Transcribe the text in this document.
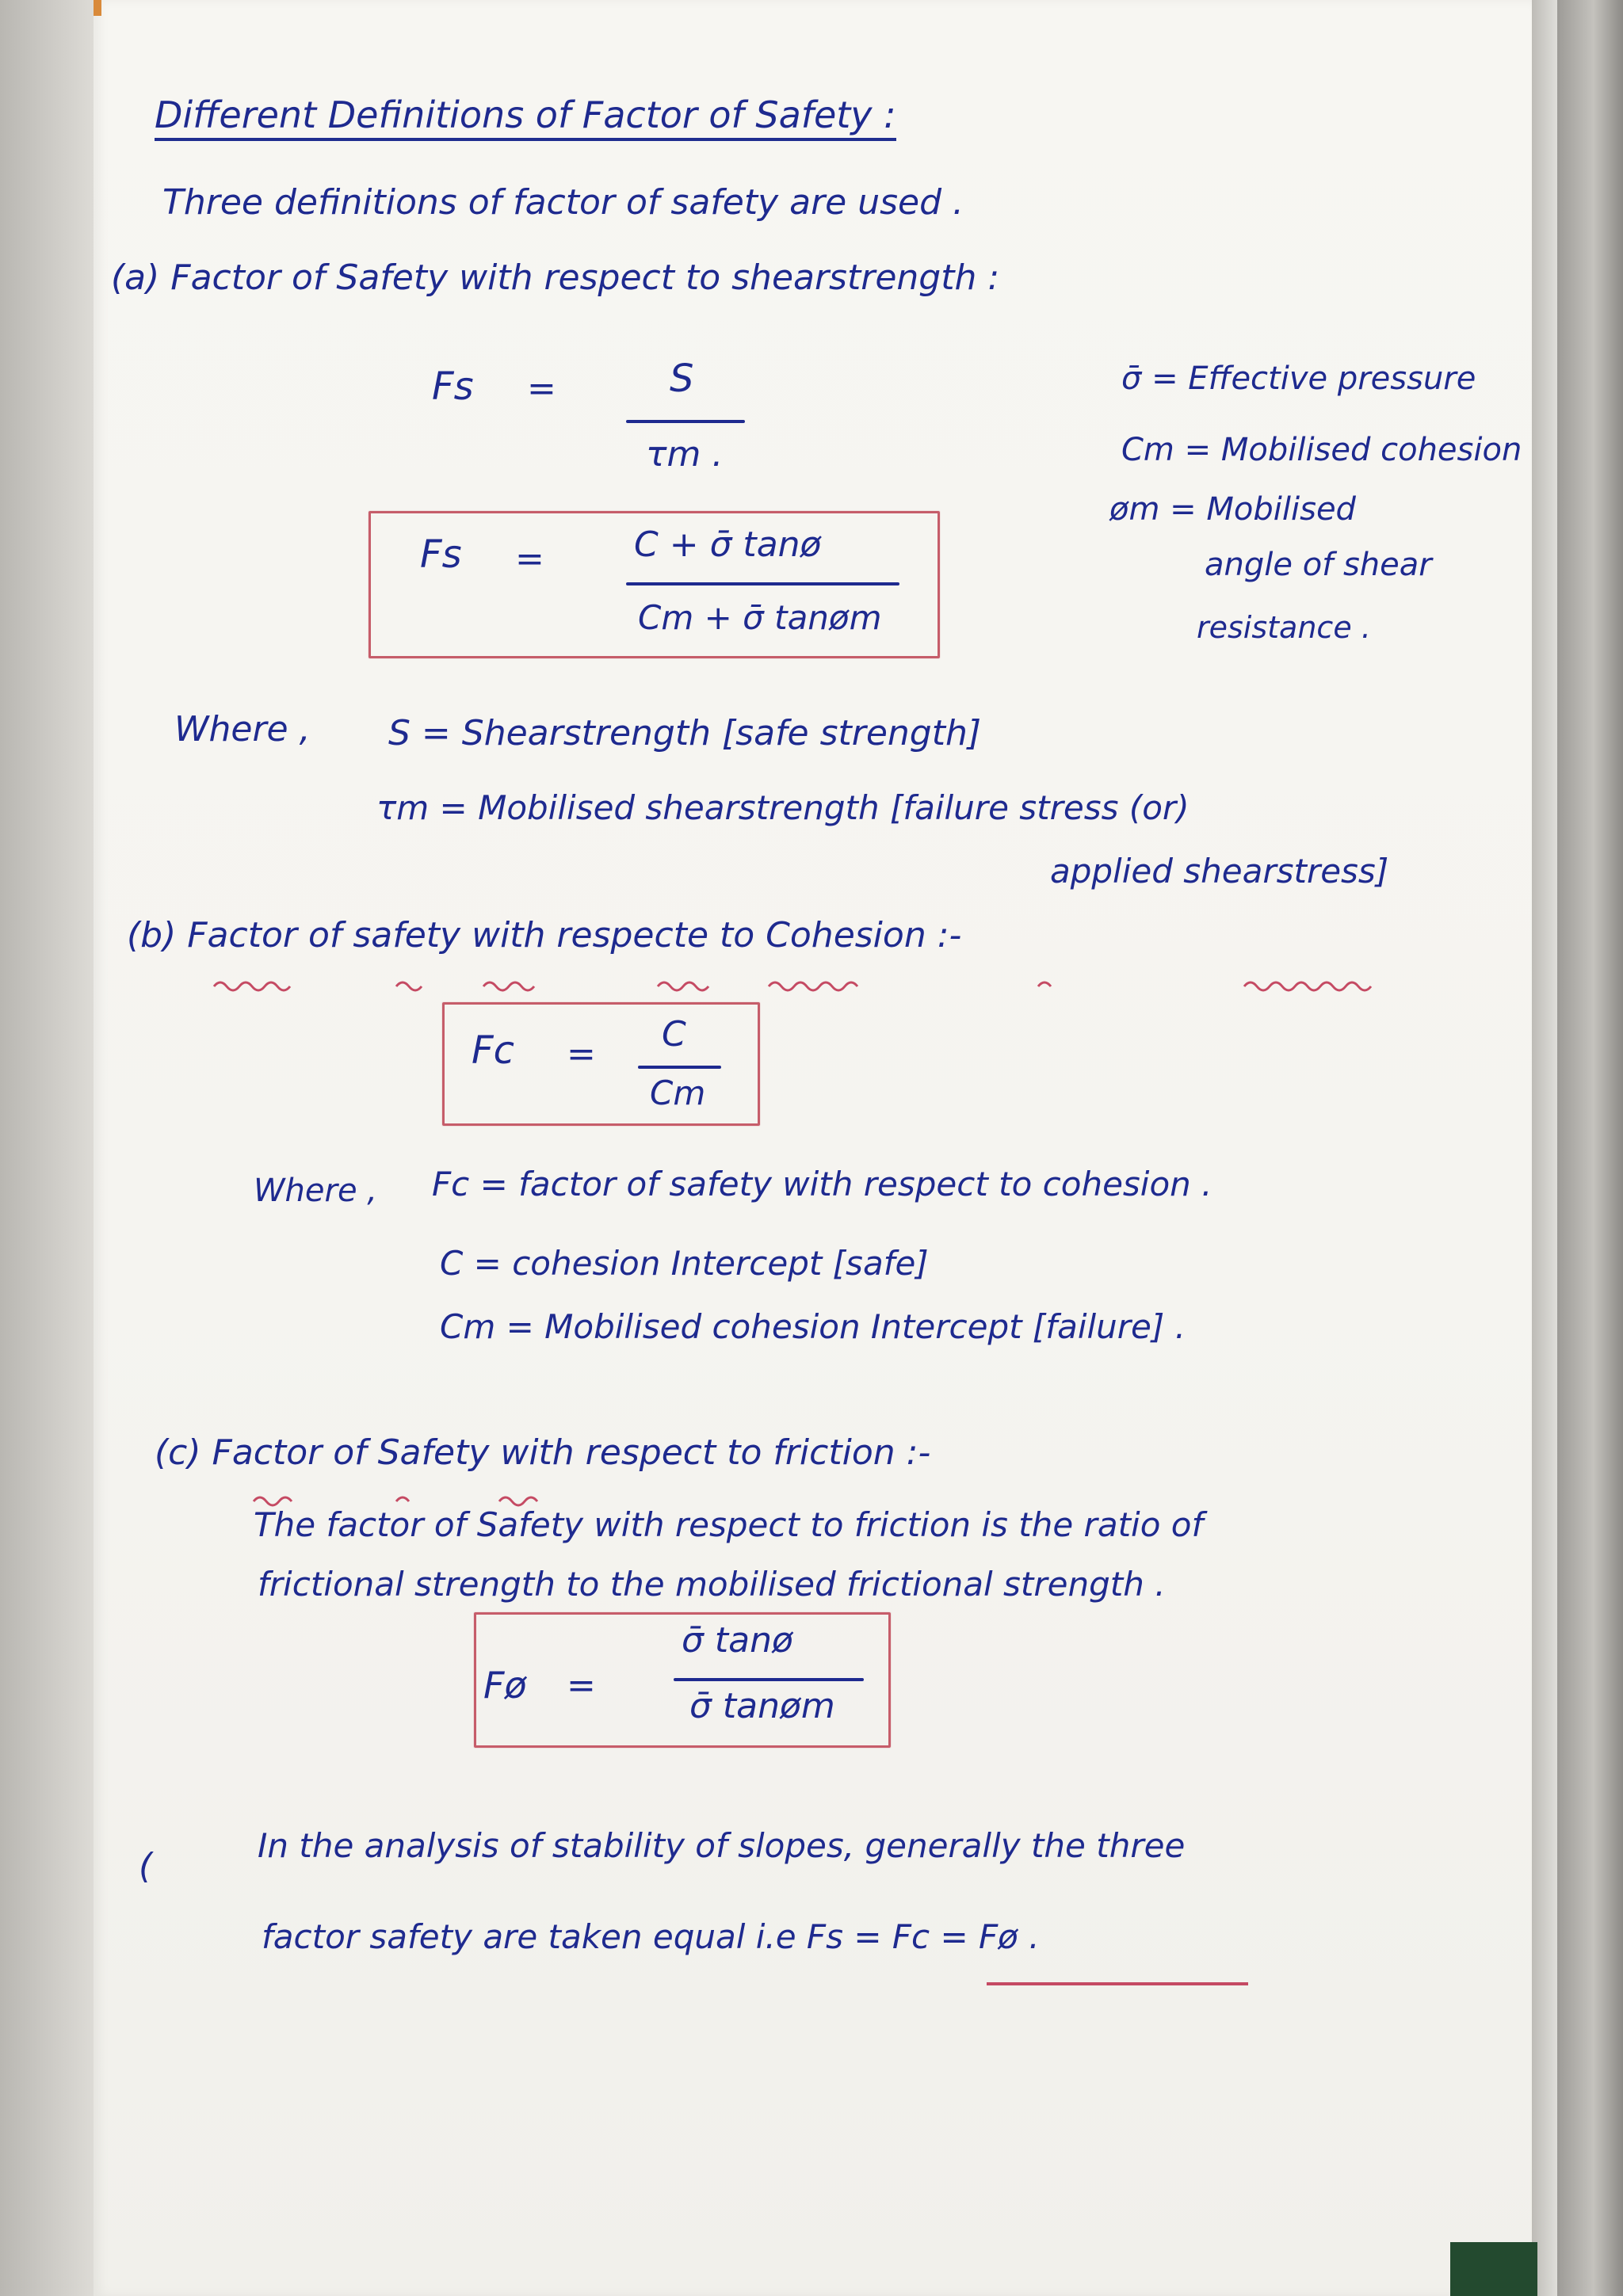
Different Definitions of Factor of Safety :
Three definitions of factor of safety are used .
(a) Factor of Safety with respect to shearstrength :
Fs =	S
τm .
σ̄ = Effective pressure
Cm = Mobilised cohesion
øm = Mobilised
angle of shear
resistance .
Fs =	C + σ̄ tanø
Cm + σ̄ tanøm
Where , S = Shearstrength [safe strength]
τm = Mobilised shearstrength [failure stress (or)
applied shearstress]
(b) Factor of safety with respecte to Cohesion :-
Fc = C
Cm
Where , Fc = factor of safety with respect to cohesion .
C = cohesion Intercept [safe]
Cm = Mobilised cohesion Intercept [failure] .
(c) Factor of Safety with respect to friction :-
The factor of Safety with respect to friction is the ratio of
frictional strength to the mobilised frictional strength .
Fø =
σ̄ tanø
σ̄ tanøm
(
In the analysis of stability of slopes, generally the three
factor safety are taken equal i.e Fs = Fc = Fø .
